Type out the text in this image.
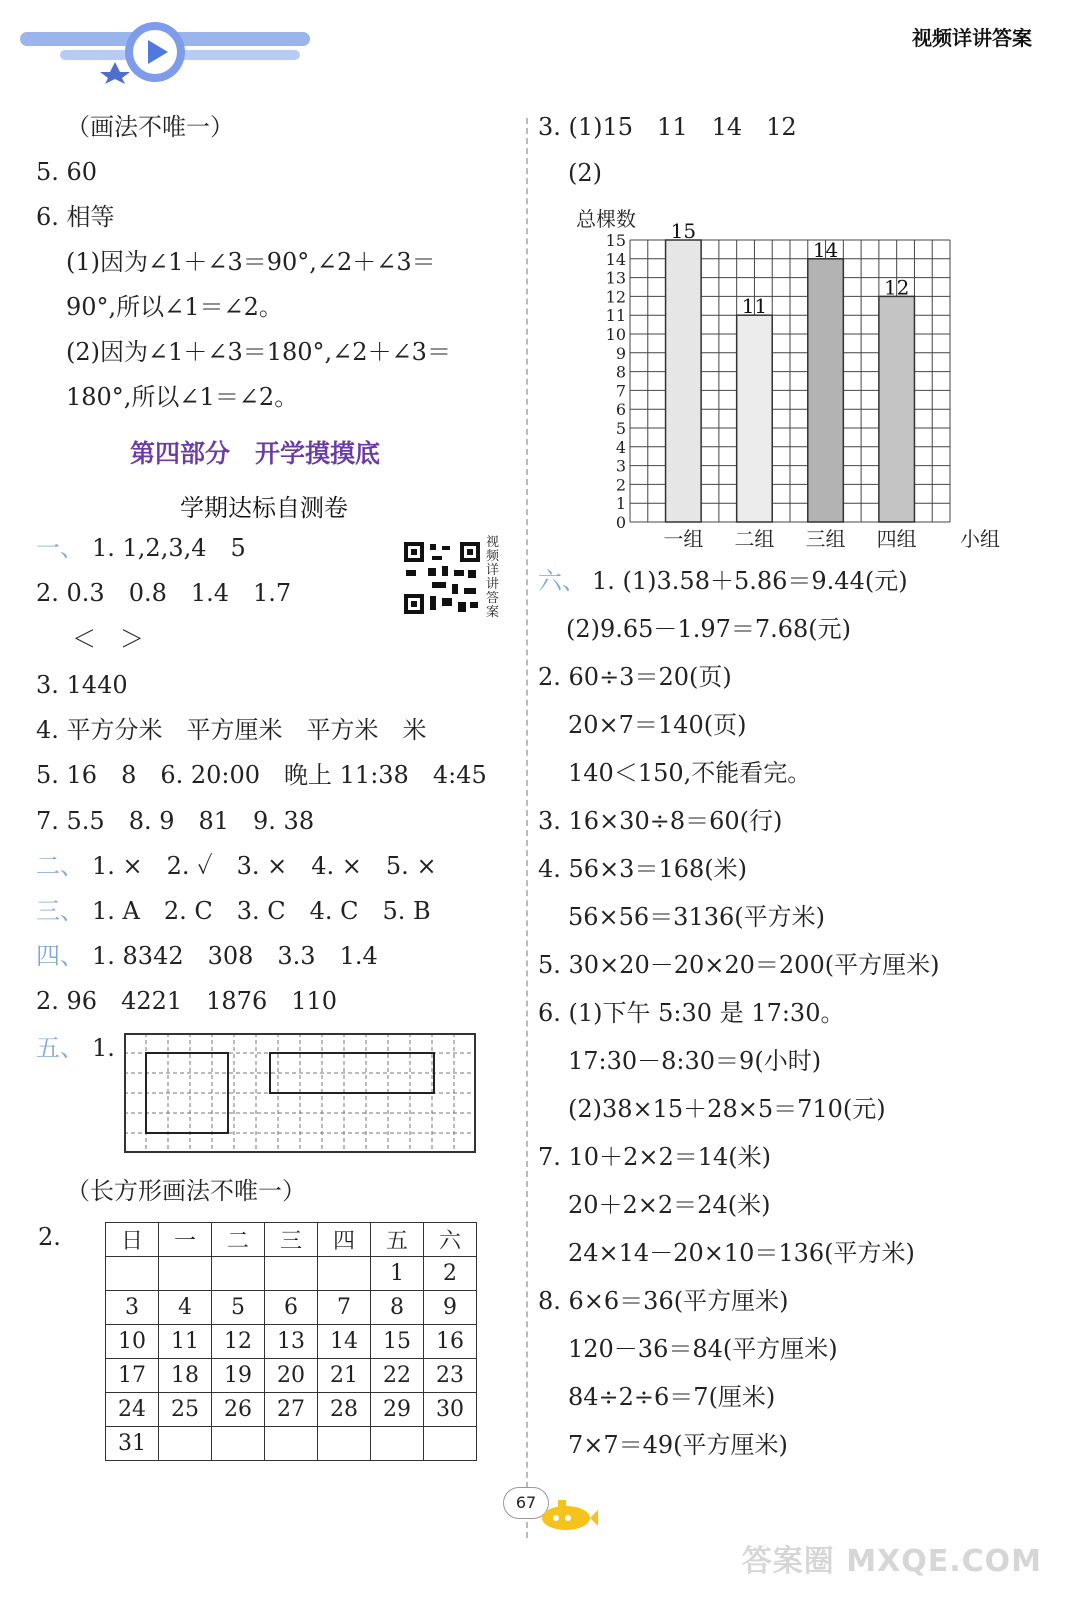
视频详讲答案
（画法不唯一）
5. 60
6. 相等
(1)因为∠1＋∠3＝90°,∠2＋∠3＝
90°,所以∠1＝∠2。
(2)因为∠1＋∠3＝180°,∠2＋∠3＝
180°,所以∠1＝∠2。
第四部分　开学摸摸底
学期达标自测卷
一、 1. 1,2,3,4　5
2. 0.3　0.8　1.4　1.7
＜　＞
视频详讲答案
3. 1440
4. 平方分米　平方厘米　平方米　米
5. 16　8　6. 20:00　晚上 11:38　4:45
7. 5.5　8. 9　81　9. 38
二、 1. ×　2. ✓　3. ×　4. ×　5. ×
三、 1. A　2. C　3. C　4. C　5. B
四、 1. 8342　308　3.3　1.4
2. 96　4221　1876　110
五、 1.
（长方形画法不唯一）
2.	日	一	二	三	四	五	六
					1	2
3	4	5	6	7	8	9
10	11	12	13	14	15	16
17	18	19	20	21	22	23
24	25	26	27	28	29	30
31						
3. (1)15　11　14　12
(2)
0
1
2
3
4
5
6
7
8
9
10
11
12
13
14
15
总棵数 15
一组
11
二组
14
三组
12
四组 小组
六、 1. (1)3.58＋5.86＝9.44(元)
(2)9.65－1.97＝7.68(元)
2. 60÷3＝20(页)
20×7＝140(页)
140＜150,不能看完。
3. 16×30÷8＝60(行)
4. 56×3＝168(米)
56×56＝3136(平方米)
5. 30×20－20×20＝200(平方厘米)
6. (1)下午 5:30 是 17:30。
17:30－8:30＝9(小时)
(2)38×15＋28×5＝710(元)
7. 10＋2×2＝14(米)
20＋2×2＝24(米)
24×14－20×10＝136(平方米)
8. 6×6＝36(平方厘米)
120－36＝84(平方厘米)
84÷2÷6＝7(厘米)
7×7＝49(平方厘米)
67
答案圈 MXQE.COM
